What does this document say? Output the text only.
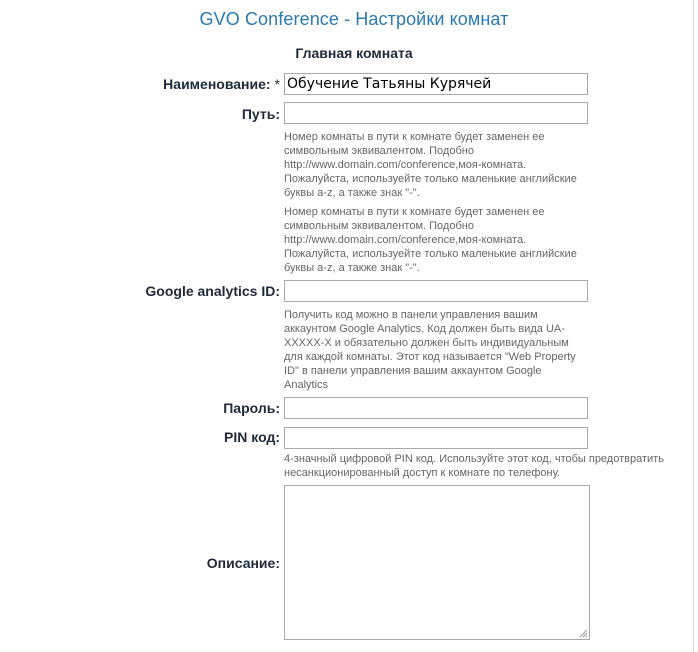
GVO Conference - Настройки комнат
Главная комната
Наименование: *
Обучение Татьяны Курячей
Путь:
Номер комнаты в пути к комнате будет заменен ее
символьным эквивалентом. Подобно
http://www.domain.com/conference,моя-комната.
Пожалуйста, используейте только маленькие английские
буквы a-z, а также знак "-".
Номер комнаты в пути к комнате будет заменен ее
символьным эквивалентом. Подобно
http://www.domain.com/conference,моя-комната.
Пожалуйста, используейте только маленькие английские
буквы a-z, а также знак "-".
Google analytics ID:
Получить код можно в панели управления вашим
аккаунтом Google Analytics. Код должен быть вида UA-
XXXXX-X и обязательно должен быть индивидуальным
для каждой комнаты. Этот код называется "Web Property
ID" в панели управления вашим аккаунтом Google
Analytics
Пароль:
PIN код:
4-значный цифровой PIN код. Используйте этот код, чтобы предотвратить
несанкционированный доступ к комнате по телефону.
Описание:
